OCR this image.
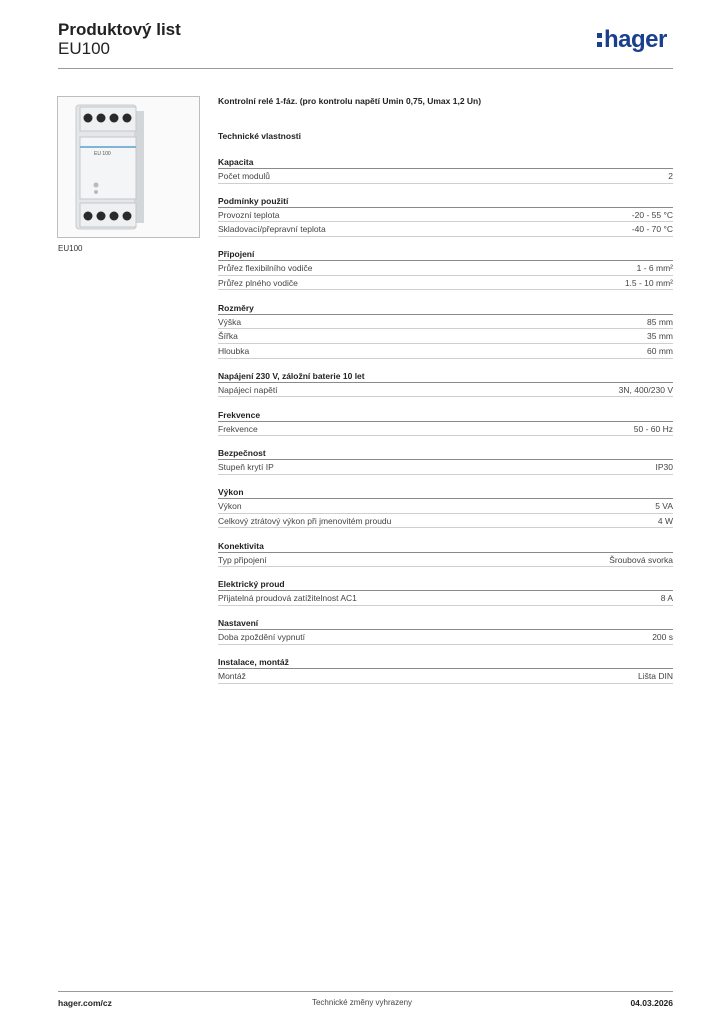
Produktový list
EU100	hager
EU 100
EU100
Kontrolní relé 1-fáz. (pro kontrolu napětí Umin 0,75, Umax 1,2 Un)
Technické vlastnosti
Kapacita
Počet modulů	2
Podmínky použití
Provozní teplota	-20 - 55 °C
Skladovací/přepravní teplota	-40 - 70 °C
Připojení
Průřez flexibilního vodiče	1 - 6 mm²
Průřez plného vodiče	1.5 - 10 mm²
Rozměry
Výška	85 mm
Šířka	35 mm
Hloubka	60 mm
Napájení 230 V, záložní baterie 10 let
Napájecí napětí	3N, 400/230 V
Frekvence
Frekvence	50 - 60 Hz
Bezpečnost
Stupeň krytí IP	IP30
Výkon
Výkon	5 VA
Celkový ztrátový výkon při jmenovitém proudu	4 W
Konektivita
Typ připojení	Šroubová svorka
Elektrický proud
Přijatelná proudová zatížitelnost AC1	8 A
Nastavení
Doba zpoždění vypnutí	200 s
Instalace, montáž
Montáž	Lišta DIN
Technické změny vyhrazeny
hager.com/cz	04.03.2026
